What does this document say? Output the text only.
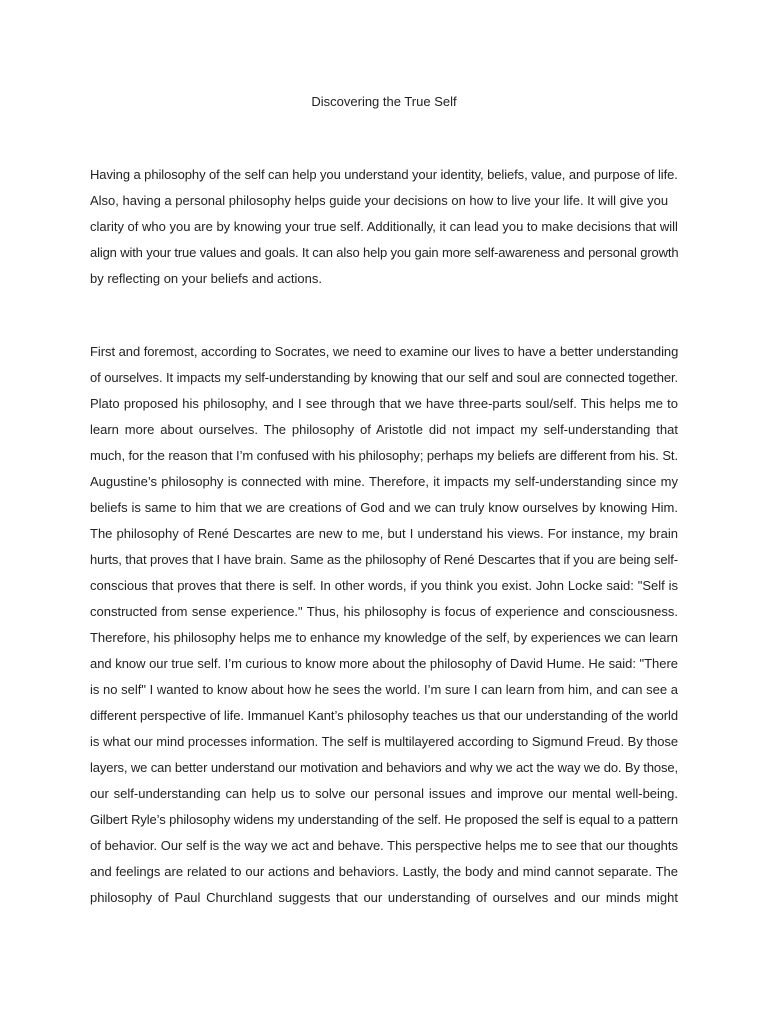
Discovering the True Self
Having a philosophy of the self can help you understand your identity, beliefs, value, and purpose of life.
Also, having a personal philosophy helps guide your decisions on how to live your life. It will give you
clarity of who you are by knowing your true self. Additionally, it can lead you to make decisions that will
align with your true values and goals. It can also help you gain more self-awareness and personal growth
by reflecting on your beliefs and actions.
First and foremost, according to Socrates, we need to examine our lives to have a better understanding
of ourselves. It impacts my self-understanding by knowing that our self and soul are connected together.
Plato proposed his philosophy, and I see through that we have three-parts soul/self. This helps me to
learn more about ourselves. The philosophy of Aristotle did not impact my self-understanding that
much, for the reason that I’m confused with his philosophy; perhaps my beliefs are different from his. St.
Augustine’s philosophy is connected with mine. Therefore, it impacts my self-understanding since my
beliefs is same to him that we are creations of God and we can truly know ourselves by knowing Him.
The philosophy of René Descartes are new to me, but I understand his views. For instance, my brain
hurts, that proves that I have brain. Same as the philosophy of René Descartes that if you are being self-
conscious that proves that there is self. In other words, if you think you exist. John Locke said: "Self is
constructed from sense experience." Thus, his philosophy is focus of experience and consciousness.
Therefore, his philosophy helps me to enhance my knowledge of the self, by experiences we can learn
and know our true self. I’m curious to know more about the philosophy of David Hume. He said: "There
is no self" I wanted to know about how he sees the world. I’m sure I can learn from him, and can see a
different perspective of life. Immanuel Kant’s philosophy teaches us that our understanding of the world
is what our mind processes information. The self is multilayered according to Sigmund Freud. By those
layers, we can better understand our motivation and behaviors and why we act the way we do. By those,
our self-understanding can help us to solve our personal issues and improve our mental well-being.
Gilbert Ryle’s philosophy widens my understanding of the self. He proposed the self is equal to a pattern
of behavior. Our self is the way we act and behave. This perspective helps me to see that our thoughts
and feelings are related to our actions and behaviors. Lastly, the body and mind cannot separate. The
philosophy of Paul Churchland suggests that our understanding of ourselves and our minds might
